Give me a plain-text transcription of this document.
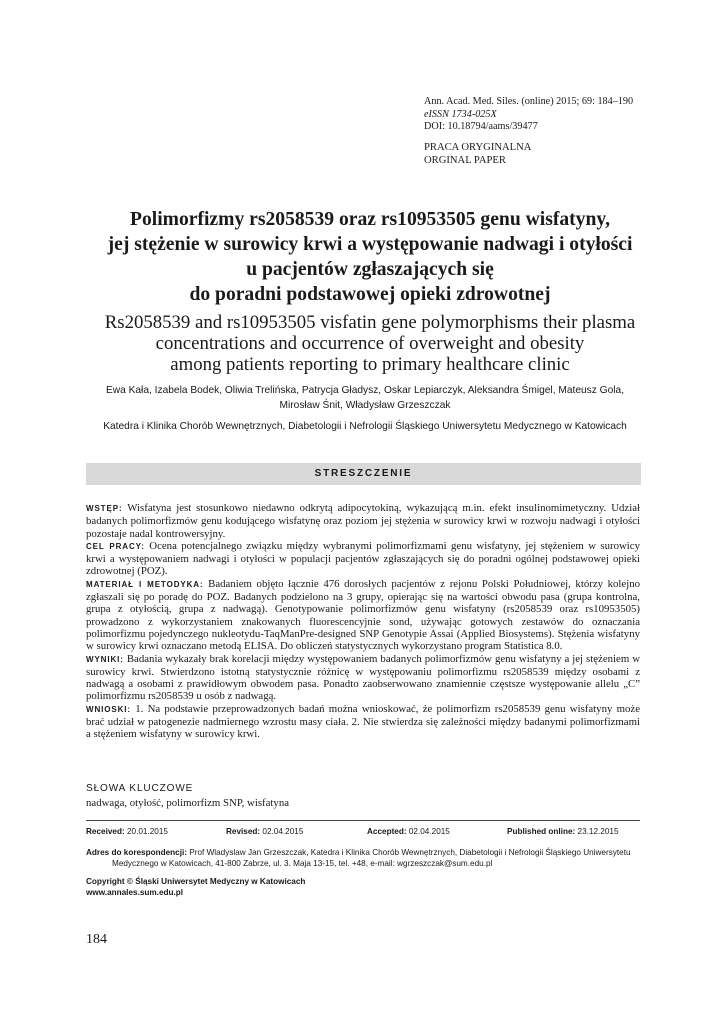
Ann. Acad. Med. Siles. (online) 2015; 69: 184–190
eISSN 1734-025X
DOI: 10.18794/aams/39477
PRACA ORYGINALNA
ORGINAL PAPER
Polimorfizmy rs2058539 oraz rs10953505 genu wisfatyny,
jej stężenie w surowicy krwi a występowanie nadwagi i otyłości
u pacjentów zgłaszających się
do poradni podstawowej opieki zdrowotnej
Rs2058539 and rs10953505 visfatin gene polymorphisms their plasma
concentrations and occurrence of overweight and obesity
among patients reporting to primary healthcare clinic
Ewa Kała, Izabela Bodek, Oliwia Trelińska, Patrycja Gładysz, Oskar Lepiarczyk, Aleksandra Śmigel, Mateusz Gola,
Mirosław Śnit, Władysław Grzeszczak
Katedra i Klinika Chorób Wewnętrznych, Diabetologii i Nefrologii Śląskiego Uniwersytetu Medycznego w Katowicach
STRESZCZENIE

WSTĘP: Wisfatyna jest stosunkowo niedawno odkrytą adipocytokiną, wykazującą m.in. efekt insulinomimetyczny. Udział badanych polimorfizmów genu kodującego wisfatynę oraz poziom jej stężenia w surowicy krwi w rozwoju nadwagi i otyłości pozostaje nadal kontrowersyjny.

CEL PRACY: Ocena potencjalnego związku między wybranymi polimorfizmami genu wisfatyny, jej stężeniem w surowicy krwi a występowaniem nadwagi i otyłości w populacji pacjentów zgłaszających się do poradni ogólnej podstawowej opieki zdrowotnej (POZ).

MATERIAŁ I METODYKA: Badaniem objęto łącznie 476 dorosłych pacjentów z rejonu Polski Południowej, którzy kolejno zgłaszali się po poradę do POZ. Badanych podzielono na 3 grupy, opierając się na wartości obwodu pasa (grupa kontrolna, grupa z otyłością, grupa z nadwagą). Genotypowanie polimorfizmów genu wisfatyny (rs2058539 oraz rs10953505) prowadzono z wykorzystaniem znakowanych fluorescencyjnie sond, używając gotowych zestawów do oznaczania polimorfizmu pojedynczego nukleotydu-TaqManPre-designed SNP Genotypie Assai (Applied Biosystems). Stężenia wisfatyny w surowicy krwi oznaczano metodą ELISA. Do obliczeń statystycznych wykorzystano program Statistica 8.0.

WYNIKI: Badania wykazały brak korelacji między występowaniem badanych polimorfizmów genu wisfatyny a jej stężeniem w surowicy krwi. Stwierdzono istotną statystycznie różnicę w występowaniu polimorfizmu rs2058539 między osobami z nadwagą a osobami z prawidłowym obwodem pasa. Ponadto zaobserwowano znamiennie częstsze występowanie allelu „C” polimorfizmu rs2058539 u osób z nadwagą.

WNIOSKI: 1. Na podstawie przeprowadzonych badań można wnioskować, że polimorfizm rs2058539 genu wisfatyny może brać udział w patogenezie nadmiernego wzrostu masy ciała. 2. Nie stwierdza się zależności między badanymi polimorfizmami a stężeniem wisfatyny w surowicy krwi.

SŁOWA KLUCZOWE
nadwaga, otyłość, polimorfizm SNP, wisfatyna
Received: 20.01.2015	Revised: 02.04.2015	Accepted: 02.04.2015	Published online: 23.12.2015
Adres do korespondencji: Prof Wladyslaw Jan Grzeszczak, Katedra i Klinika Chorób Wewnętrznych, Diabetologii i Nefrologii Śląskiego Uniwersytetu
Medycznego w Katowicach, 41-800 Zabrze, ul. 3. Maja 13-15, tel. +48, e-mail: wgrzeszczak@sum.edu.pl
Copyright © Śląski Uniwersytet Medyczny w Katowicach
www.annales.sum.edu.pl
184
